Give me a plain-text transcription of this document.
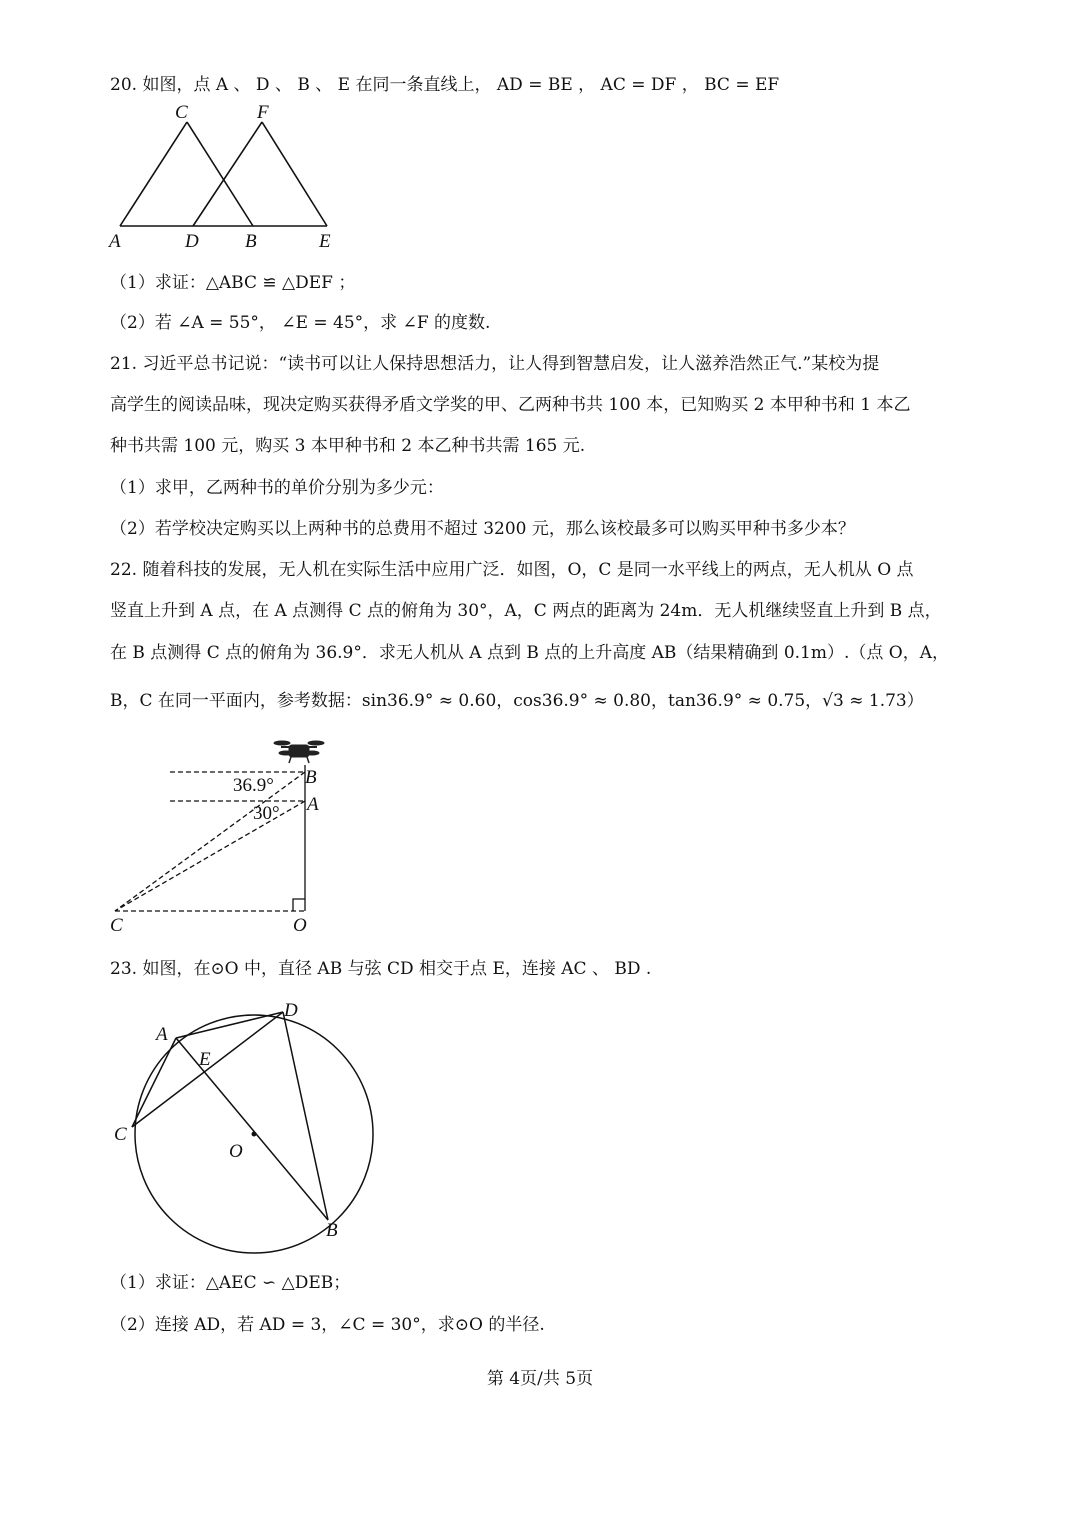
20. 如图，点 A 、 D 、 B 、 E 在同一条直线上， AD = BE ， AC = DF ， BC = EF
C	F
A	D B	E
（1）求证：△ABC ≌ △DEF ；
（2）若 ∠A = 55°， ∠E = 45°，求 ∠F 的度数.
21. 习近平总书记说：“读书可以让人保持思想活力，让人得到智慧启发，让人滋养浩然正气.”某校为提
高学生的阅读品味，现决定购买获得矛盾文学奖的甲、乙两种书共 100 本，已知购买 2 本甲种书和 1 本乙
种书共需 100 元，购买 3 本甲种书和 2 本乙种书共需 165 元.
（1）求甲，乙两种书的单价分别为多少元：
（2）若学校决定购买以上两种书的总费用不超过 3200 元，那么该校最多可以购买甲种书多少本？
22. 随着科技的发展，无人机在实际生活中应用广泛．如图，O，C 是同一水平线上的两点，无人机从 O 点
竖直上升到 A 点，在 A 点测得 C 点的俯角为 30°，A，C 两点的距离为 24m．无人机继续竖直上升到 B 点，
在 B 点测得 C 点的俯角为 36.9°．求无人机从 A 点到 B 点的上升高度 AB（结果精确到 0.1m）.（点 O，A，
B，C 在同一平面内，参考数据：sin36.9° ≈ 0.60，cos36.9° ≈ 0.80，tan36.9° ≈ 0.75，√3 ≈ 1.73）
36.9°
30°
B
A
C	O
23. 如图，在⊙O 中，直径 AB 与弦 CD 相交于点 E，连接 AC 、 BD .
A
D
E
C
O
B
（1）求证：△AEC ∽ △DEB；
（2）连接 AD，若 AD = 3，∠C = 30°，求⊙O 的半径.
第 4页/共 5页
